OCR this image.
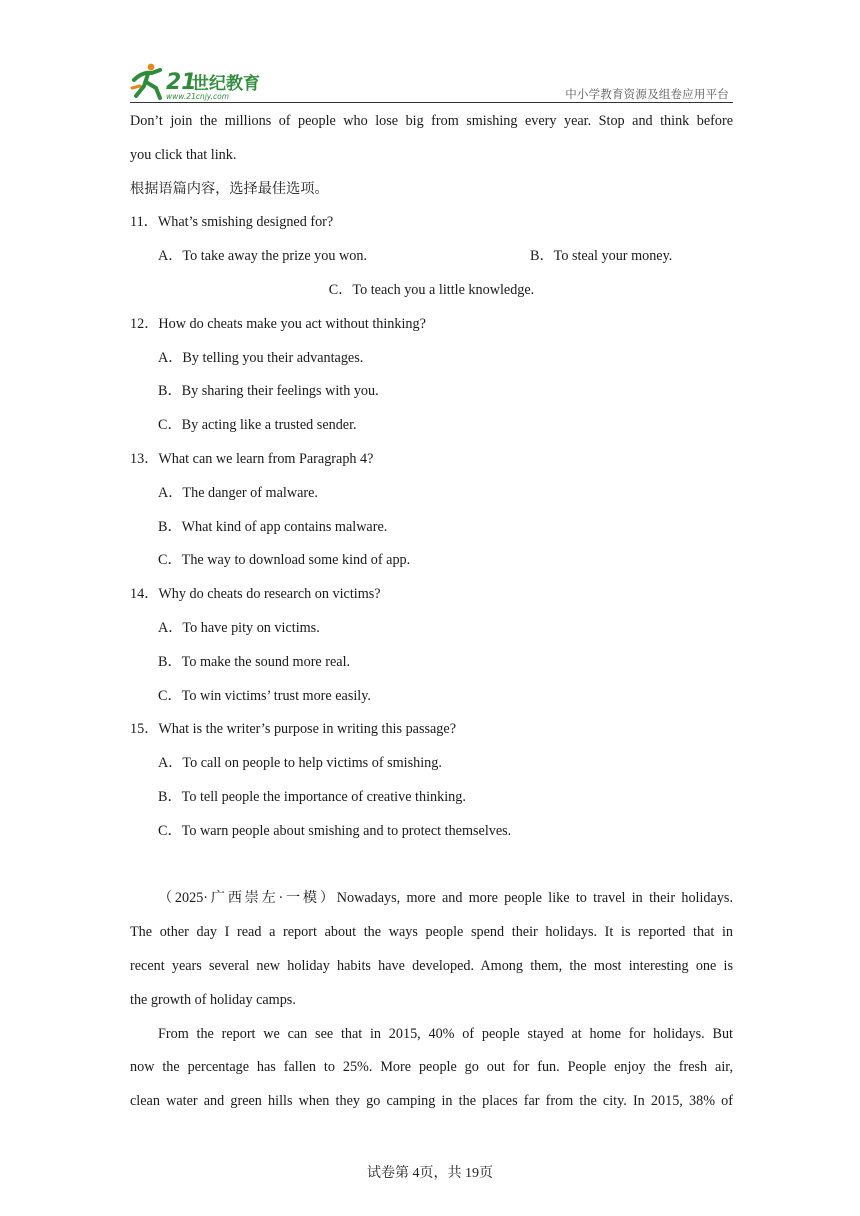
21
世纪教育
www.21cnjy.com	中小学教育资源及组卷应用平台
Don’t join the millions of people who lose big from smishing every year. Stop and think before
you click that link.
根据语篇内容，选择最佳选项。
11．What’s smishing designed for?
A．To take away the prize you won.	B．To steal your money.
C．To teach you a little knowledge.
12．How do cheats make you act without thinking?
A．By telling you their advantages.
B．By sharing their feelings with you.
C．By acting like a trusted sender.
13．What can we learn from Paragraph 4?
A．The danger of malware.
B．What kind of app contains malware.
C．The way to download some kind of app.
14．Why do cheats do research on victims?
A．To have pity on victims.
B．To make the sound more real.
C．To win victims’ trust more easily.
15．What is the writer’s purpose in writing this passage?
A．To call on people to help victims of smishing.
B．To tell people the importance of creative thinking.
C．To warn people about smishing and to protect themselves.
（2025·广西崇左·一模）Nowadays, more and more people like to travel in their holidays.
The other day I read a report about the ways people spend their holidays. It is reported that in
recent years several new holiday habits have developed. Among them, the most interesting one is
the growth of holiday camps.
From the report we can see that in 2015, 40% of people stayed at home for holidays. But
now the percentage has fallen to 25%. More people go out for fun. People enjoy the fresh air,
clean water and green hills when they go camping in the places far from the city. In 2015, 38% of
试卷第 4页，共 19页
